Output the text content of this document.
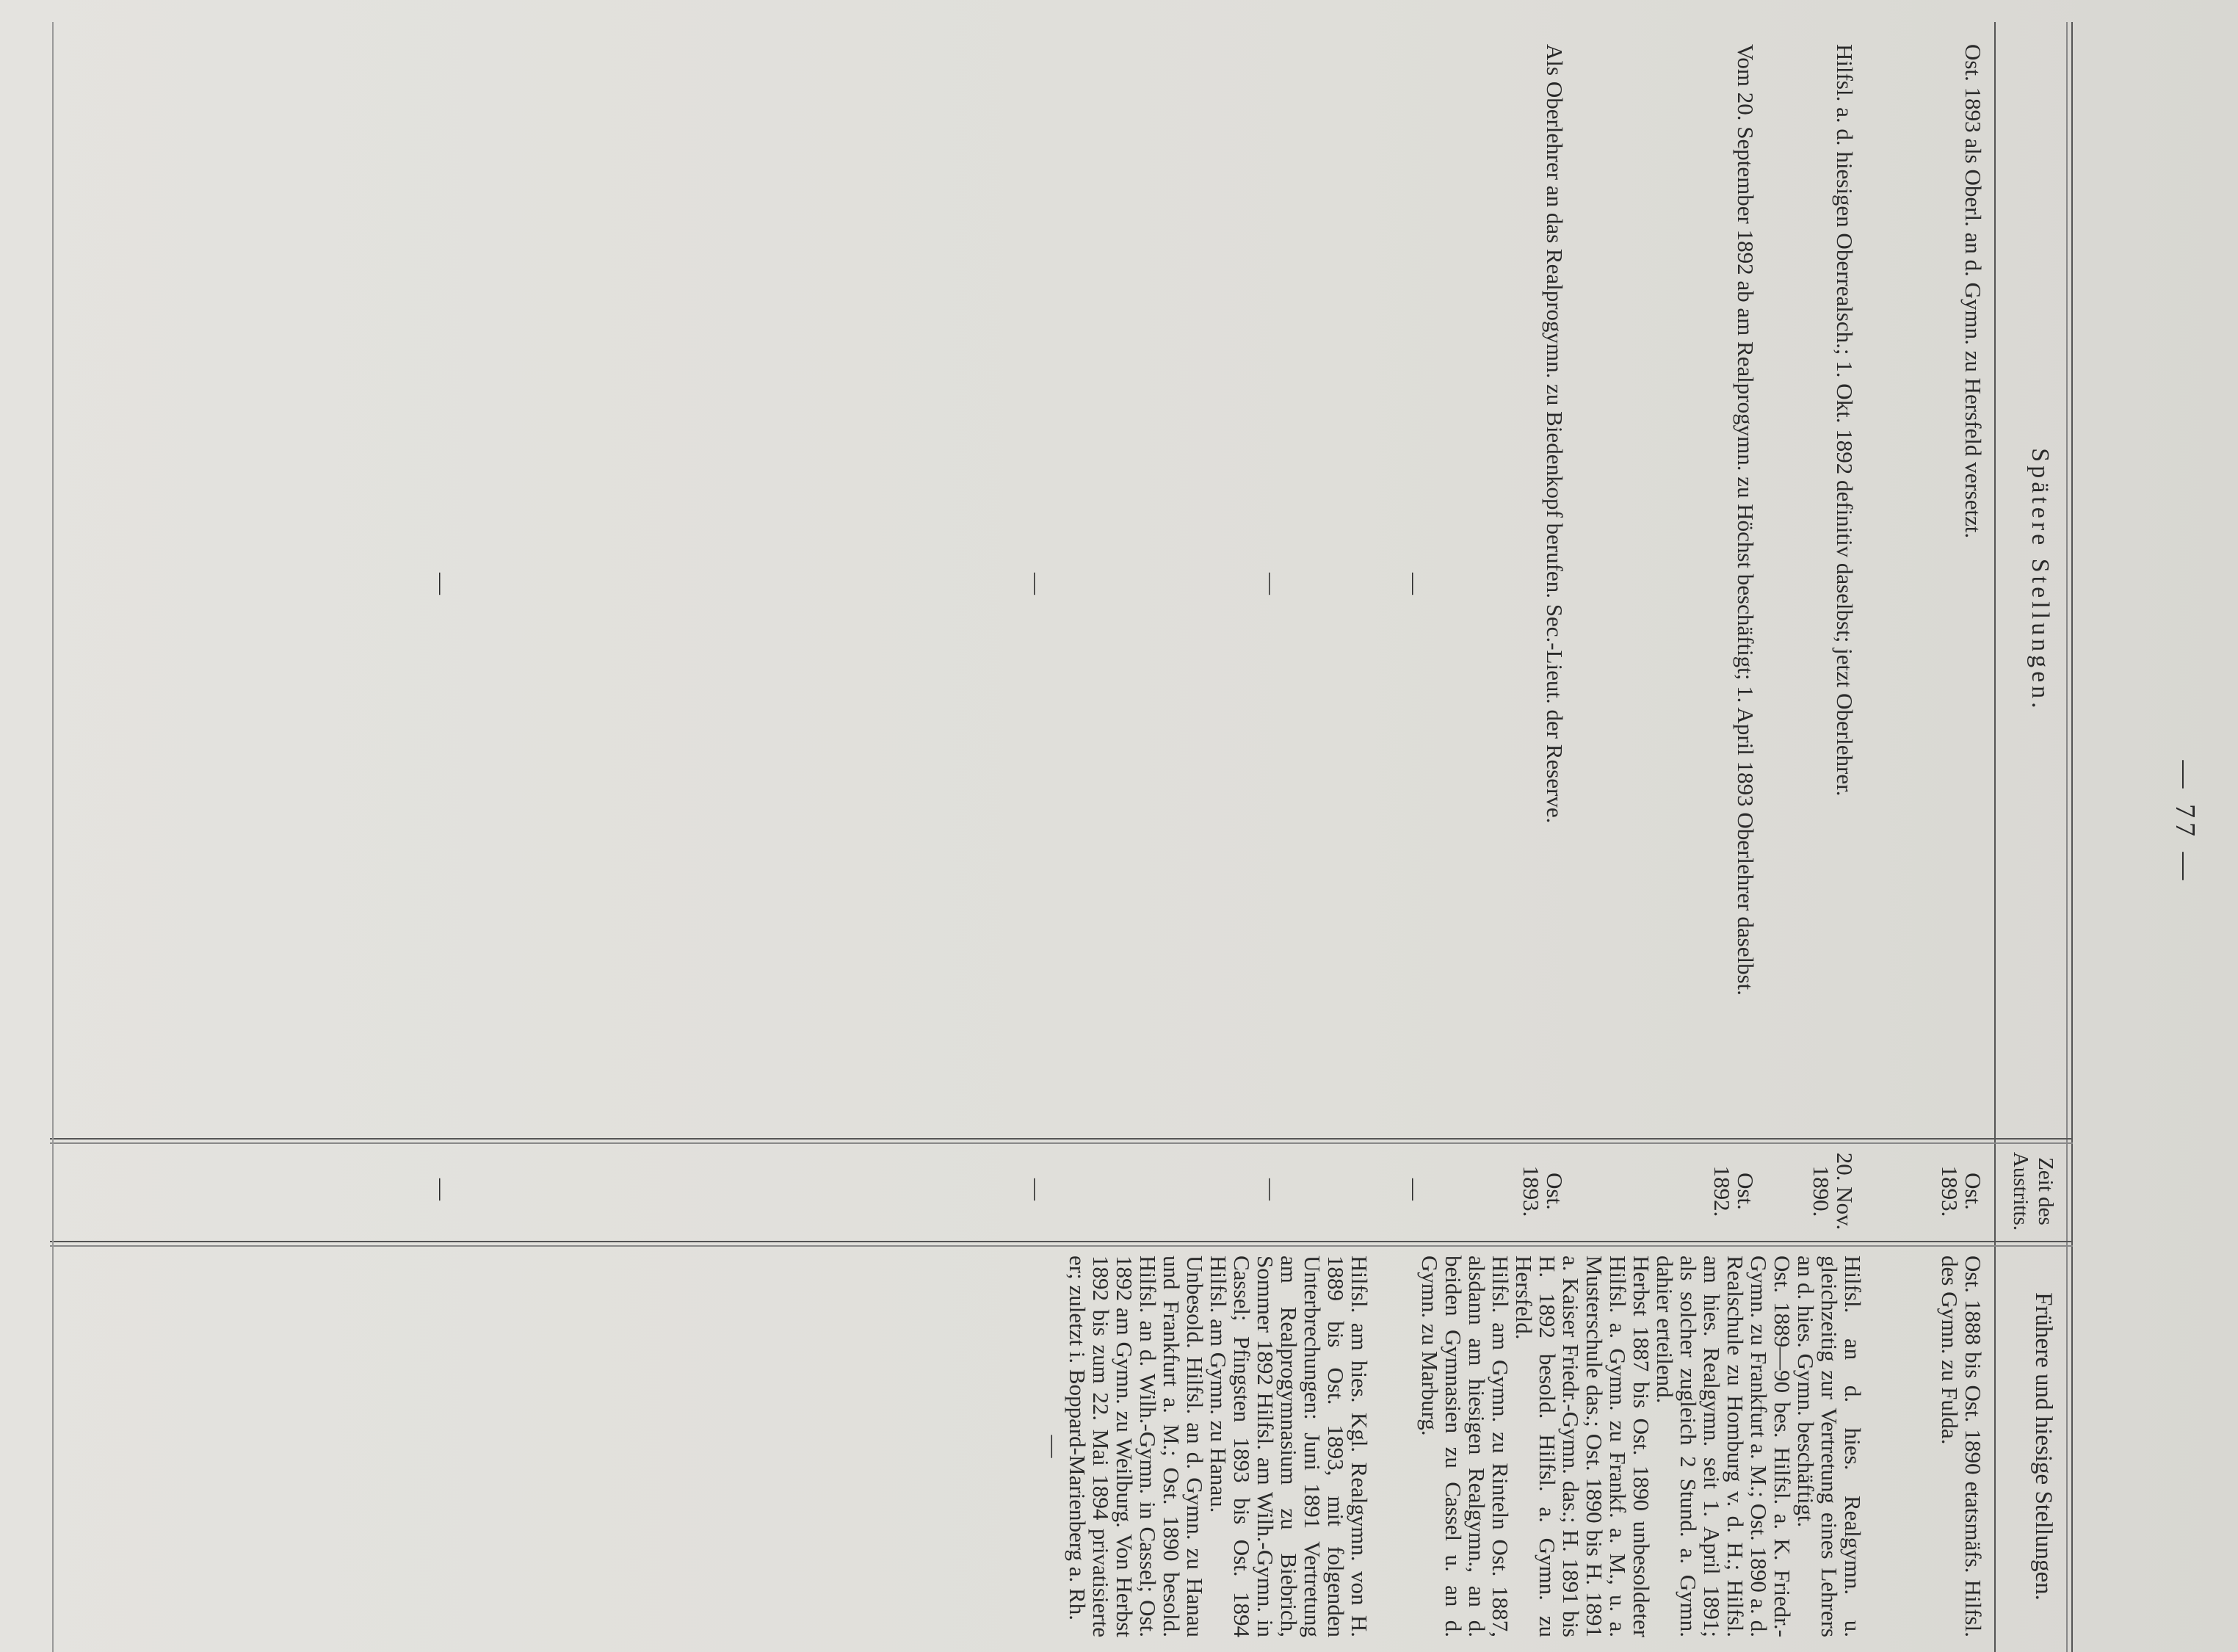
— 77 —
Frühere und hiesige Stellungen.
Zeit des
Austritts.
Spätere Stellungen.
Ost. 1888 bis Ost. 1890 etatsmäfs. Hilfsl. des Gymn. zu Fulda.
Hilfsl. an d. hies. Realgymn. u. gleichzeitig zur Vertretung eines Lehrers an d. hies. Gymn. beschäftigt.
Ost. 1889—90 bes. Hilfsl. a. K. Friedr.-Gymn. zu Frankfurt a. M.; Ost. 1890 a. d. Realschule zu Homburg v. d. H.; Hilfsl. am hies. Realgymn. seit 1. April 1891; als solcher zugleich 2 Stund. a. Gymn. dahier erteilend.
Herbst 1887 bis Ost. 1890 unbesoldeter Hilfsl. a. Gymn. zu Frankf. a. M., u. a. Musterschule das.; Ost. 1890 bis H. 1891 a. Kaiser Friedr.-Gymn. das.; H. 1891 bis H. 1892 besold. Hilfsl. a. Gymn. zu Hersfeld.
Hilfsl. am Gymn. zu Rinteln Ost. 1887, alsdann am hiesigen Realgymn., an d. beiden Gymnasien zu Cassel u. an d. Gymn. zu Marburg.
Hilfsl. am hies. Kgl. Realgymn. von H. 1889 bis Ost. 1893, mit folgenden Unterbrechungen: Juni 1891 Vertretung am Realprogymnasium zu Biebrich, Sommer 1892 Hilfsl. am Wilh.-Gymn. in Cassel; Pfingsten 1893 bis Ost. 1894 Hilfsl. am Gymn. zu Hanau.
Unbesold. Hilfsl. an d. Gymn. zu Hanau und Frankfurt a. M.; Ost. 1890 besold. Hilfsl. an d. Wilh.-Gymn. in Cassel; Ost. 1892 am Gymn. zu Weilburg. Von Herbst 1892 bis zum 22. Mai 1894 privatisierte er; zuletzt i. Boppard-Marienberg a. Rh.
—
Ost. 1893.
20. Nov. 1890.
Ost. 1892.
Ost. 1893.
—
—
—
—
Ost. 1893 als Oberl. an d. Gymn. zu Hersfeld versetzt.
Hilfsl. a. d. hiesigen Oberrealsch.; 1. Okt. 1892 definitiv daselbst; jetzt Oberlehrer.
Vom 20. September 1892 ab am Realprogymn. zu Höchst beschäftigt; 1. April 1893 Oberlehrer daselbst.
Als Oberlehrer an das Realprogymn. zu Biedenkopf berufen. Sec.-Lieut. der Reserve.
—
—
—
—
